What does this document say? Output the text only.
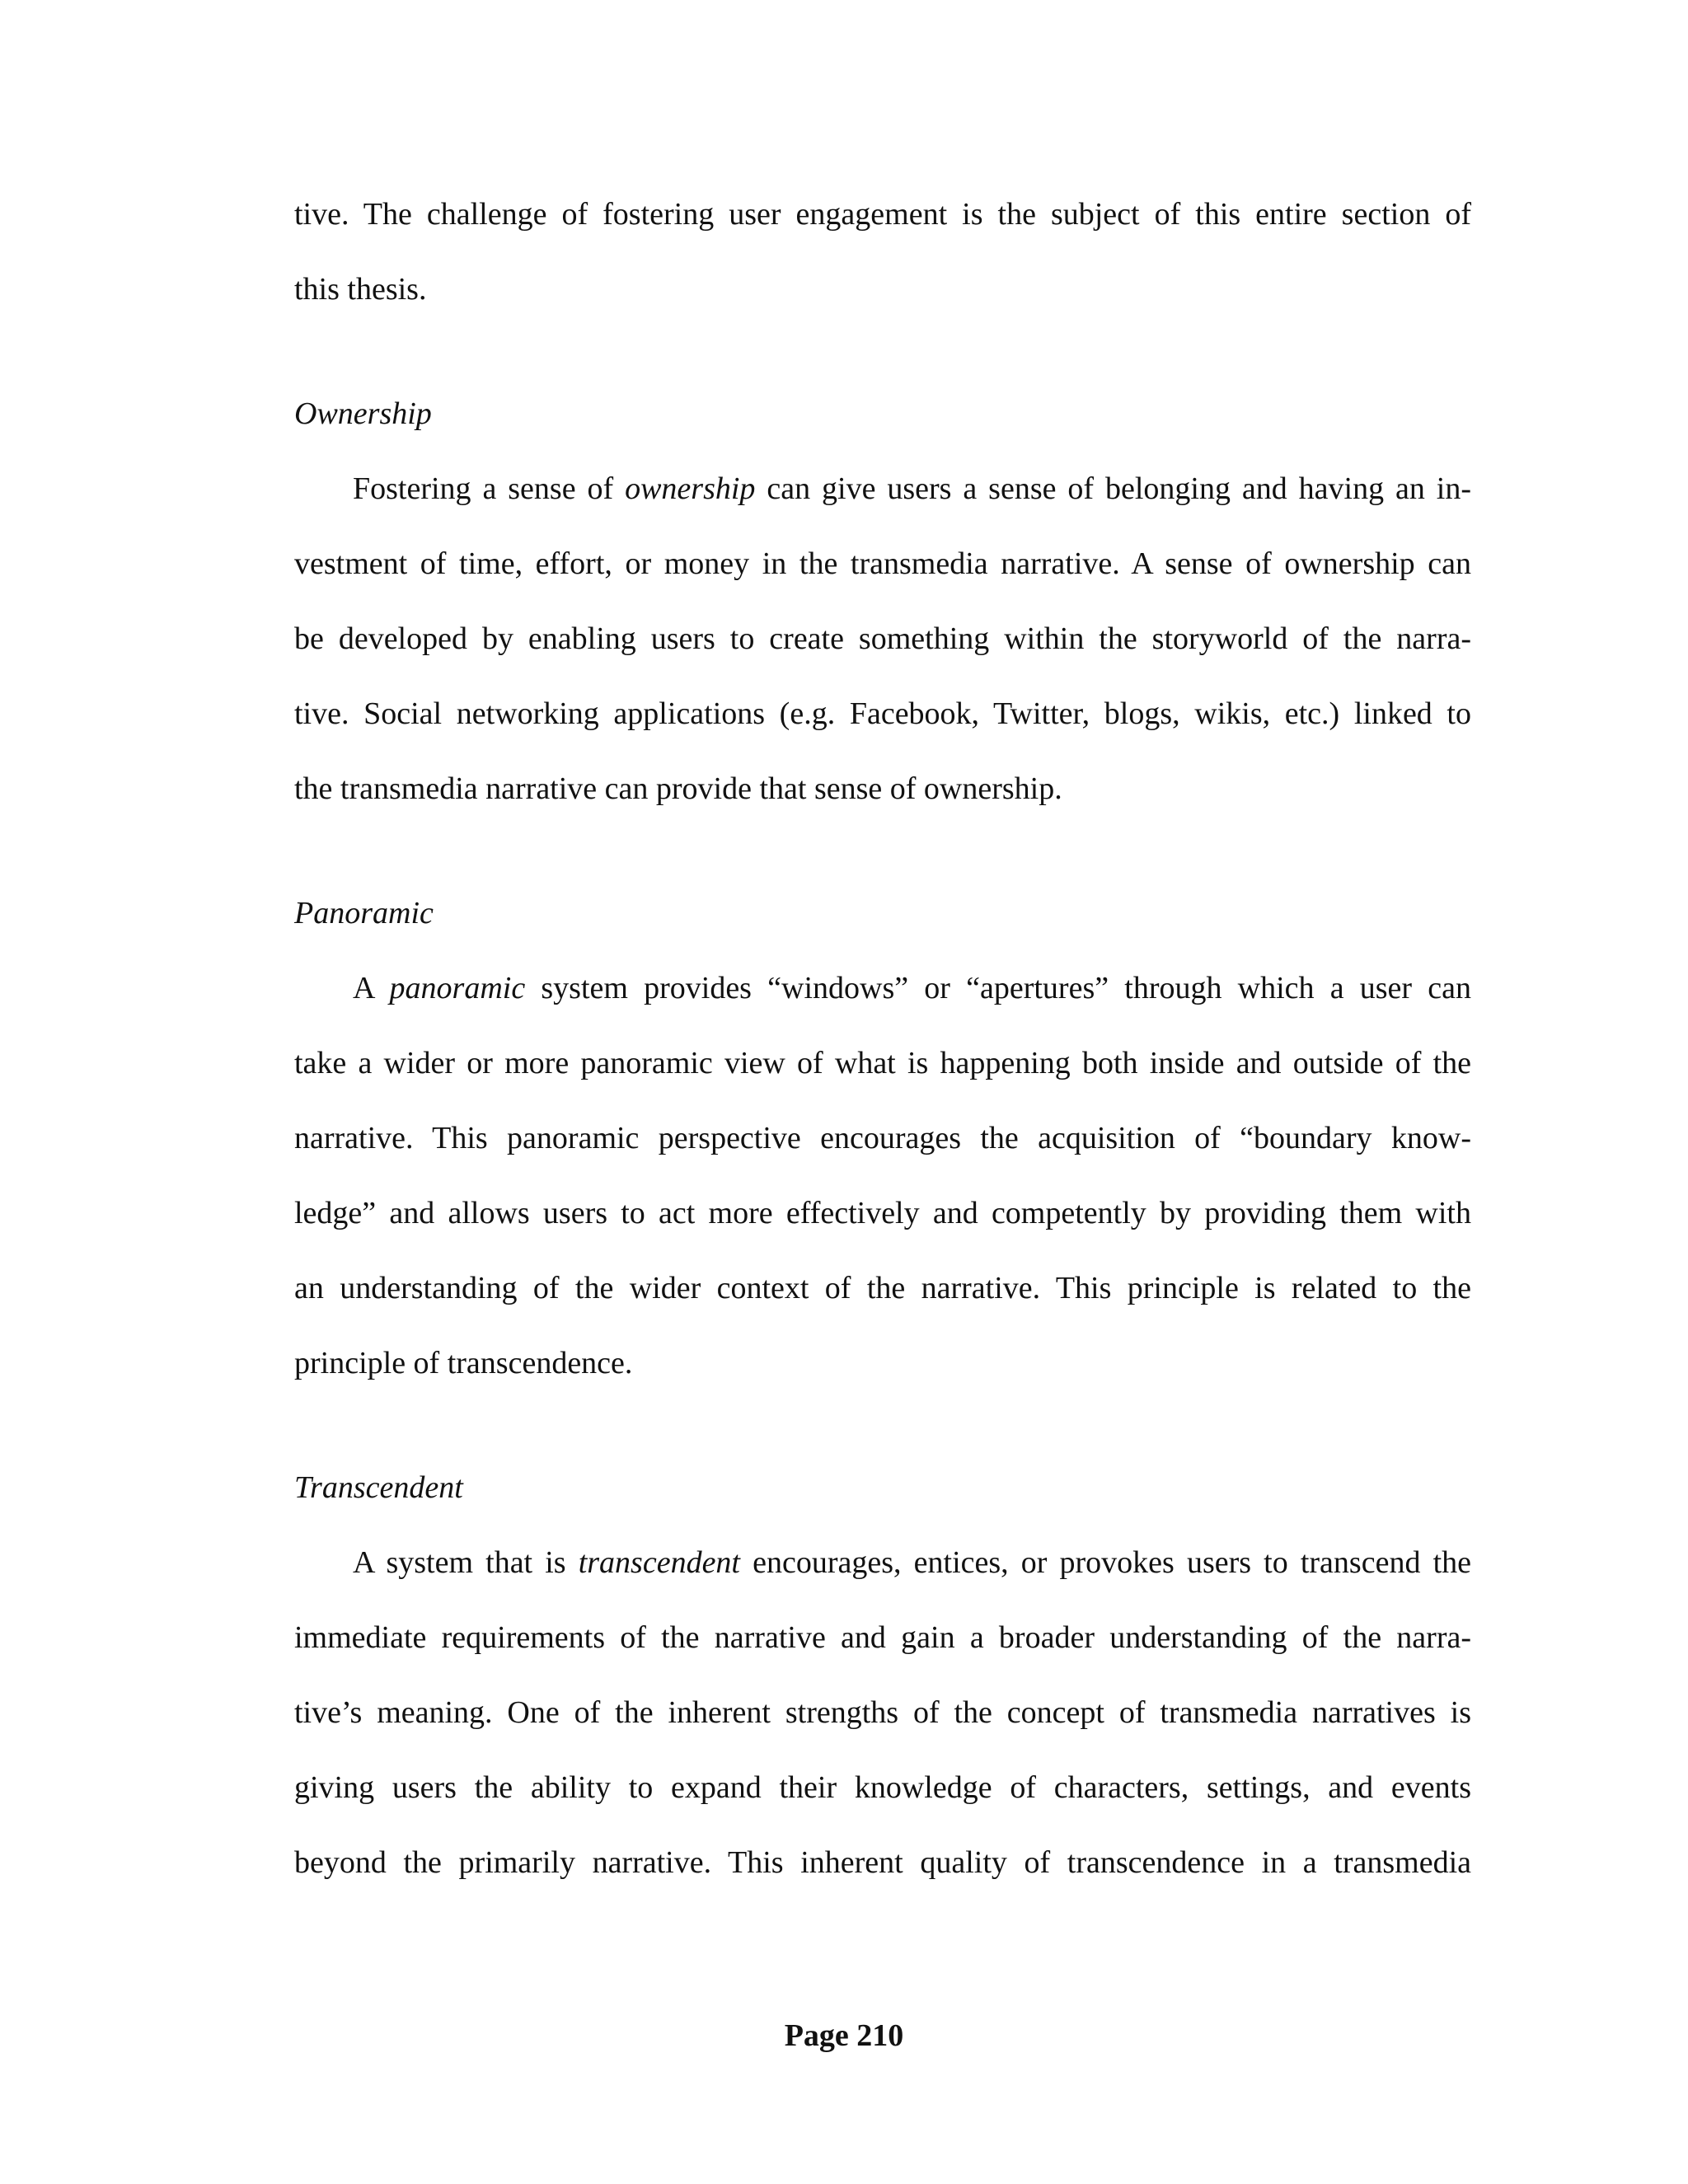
tive. The challenge of fostering user engagement is the subject of this entire section of
this thesis.
Ownership
Fostering a sense of ownership can give users a sense of belonging and having an in-
vestment of time, effort, or money in the transmedia narrative. A sense of ownership can
be developed by enabling users to create something within the storyworld of the narra-
tive. Social networking applications (e.g. Facebook, Twitter, blogs, wikis, etc.) linked to
the transmedia narrative can provide that sense of ownership.
Panoramic
A panoramic system provides “windows” or “apertures” through which a user can
take a wider or more panoramic view of what is happening both inside and outside of the
narrative. This panoramic perspective encourages the acquisition of “boundary know-
ledge” and allows users to act more effectively and competently by providing them with
an understanding of the wider context of the narrative. This principle is related to the
principle of transcendence.
Transcendent
A system that is transcendent encourages, entices, or provokes users to transcend the
immediate requirements of the narrative and gain a broader understanding of the narra-
tive’s meaning. One of the inherent strengths of the concept of transmedia narratives is
giving users the ability to expand their knowledge of characters, settings, and events
beyond the primarily narrative. This inherent quality of transcendence in a transmedia
Page 210
